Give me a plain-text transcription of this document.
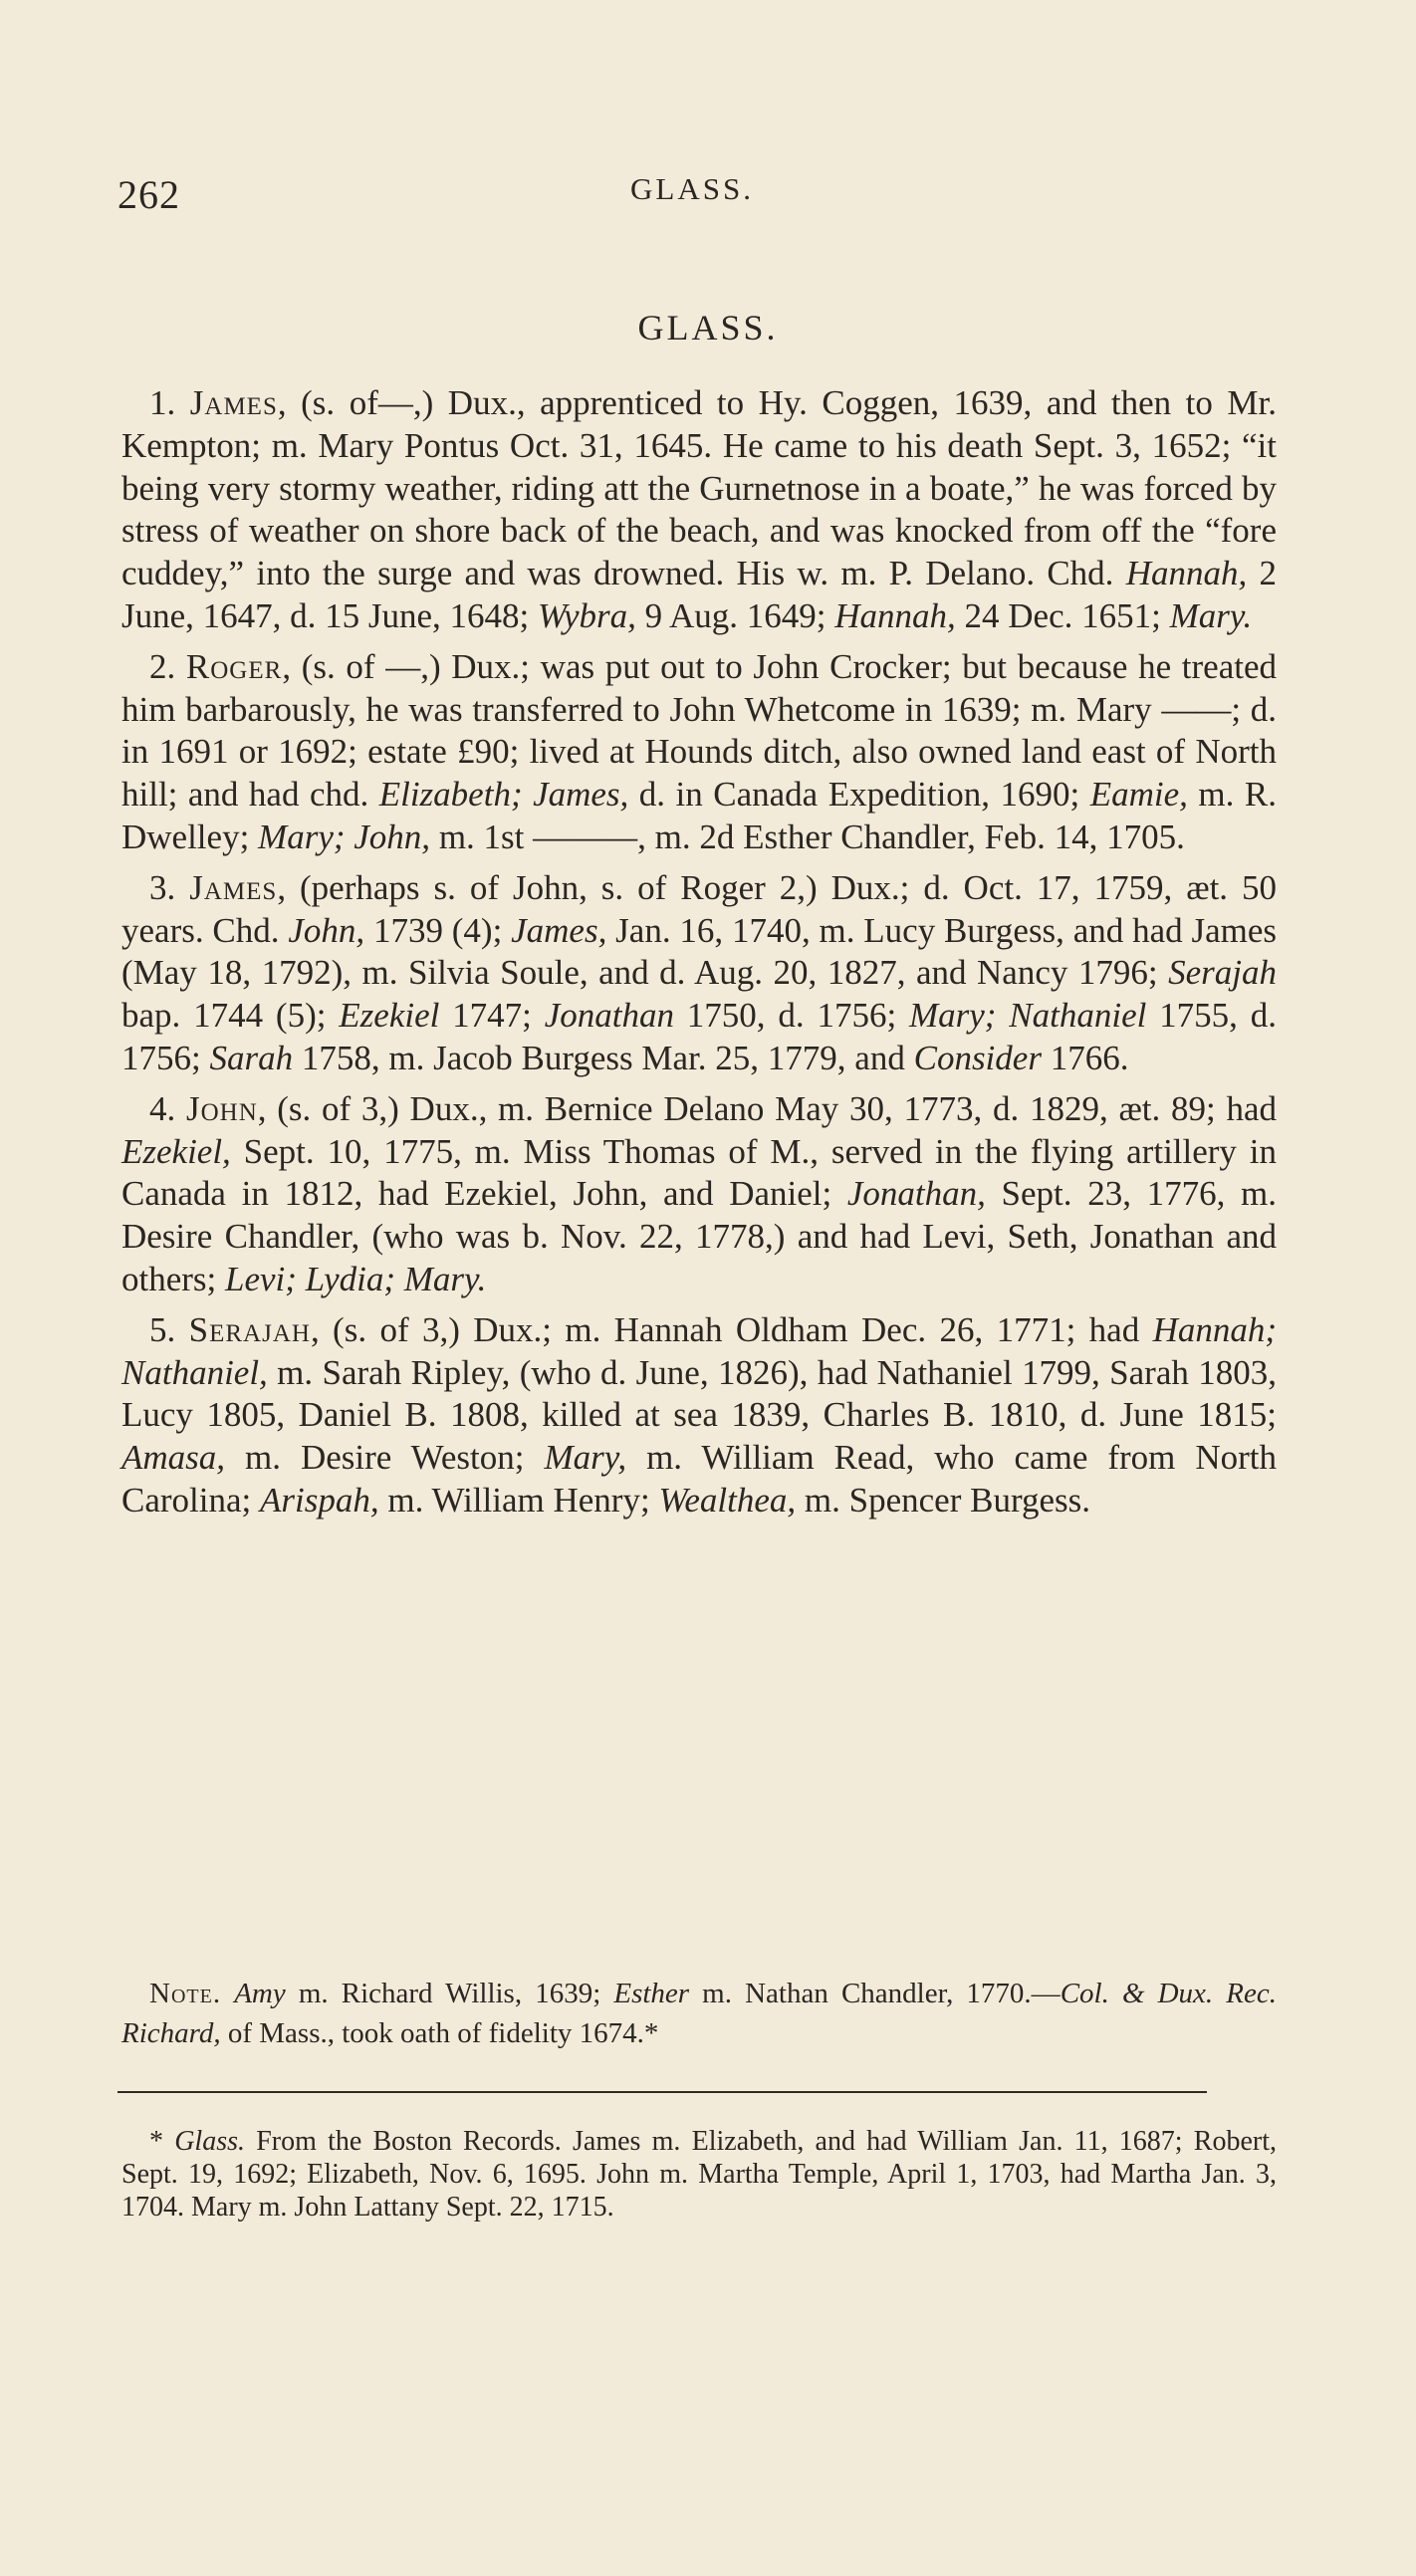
262	GLASS.
GLASS.

1. James, (s. of—,) Dux., apprenticed to Hy. Coggen, 1639, and then to Mr. Kempton; m. Mary Pontus Oct. 31, 1645. He came to his death Sept. 3, 1652; “it being very stormy weather, riding att the Gurnetnose in a boate,” he was forced by stress of weather on shore back of the beach, and was knocked from off the “fore cuddey,” into the surge and was drowned. His w. m. P. Delano. Chd. Hannah, 2 June, 1647, d. 15 June, 1648; Wybra, 9 Aug. 1649; Hannah, 24 Dec. 1651; Mary.

2. Roger, (s. of —,) Dux.; was put out to John Crocker; but because he treated him barbarously, he was transferred to John Whetcome in 1639; m. Mary ——; d. in 1691 or 1692; estate £90; lived at Hounds ditch, also owned land east of North hill; and had chd. Elizabeth; James, d. in Canada Expedition, 1690; Eamie, m. R. Dwelley; Mary; John, m. 1st ———, m. 2d Esther Chandler, Feb. 14, 1705.

3. James, (perhaps s. of John, s. of Roger 2,) Dux.; d. Oct. 17, 1759, æt. 50 years. Chd. John, 1739 (4); James, Jan. 16, 1740, m. Lucy Burgess, and had James (May 18, 1792), m. Silvia Soule, and d. Aug. 20, 1827, and Nancy 1796; Serajah bap. 1744 (5); Ezekiel 1747; Jonathan 1750, d. 1756; Mary; Nathaniel 1755, d. 1756; Sarah 1758, m. Jacob Burgess Mar. 25, 1779, and Consider 1766.

4. John, (s. of 3,) Dux., m. Bernice Delano May 30, 1773, d. 1829, æt. 89; had Ezekiel, Sept. 10, 1775, m. Miss Thomas of M., served in the flying artillery in Canada in 1812, had Ezekiel, John, and Daniel; Jonathan, Sept. 23, 1776, m. Desire Chandler, (who was b. Nov. 22, 1778,) and had Levi, Seth, Jonathan and others; Levi; Lydia; Mary.

5. Serajah, (s. of 3,) Dux.; m. Hannah Oldham Dec. 26, 1771; had Hannah; Nathaniel, m. Sarah Ripley, (who d. June, 1826), had Nathaniel 1799, Sarah 1803, Lucy 1805, Daniel B. 1808, killed at sea 1839, Charles B. 1810, d. June 1815; Amasa, m. Desire Weston; Mary, m. William Read, who came from North Carolina; Arispah, m. William Henry; Wealthea, m. Spencer Burgess.

Note. Amy m. Richard Willis, 1639; Esther m. Nathan Chandler, 1770.—Col. & Dux. Rec. Richard, of Mass., took oath of fidelity 1674.*

* Glass. From the Boston Records. James m. Elizabeth, and had William Jan. 11, 1687; Robert, Sept. 19, 1692; Elizabeth, Nov. 6, 1695. John m. Martha Temple, April 1, 1703, had Martha Jan. 3, 1704. Mary m. John Lattany Sept. 22, 1715.
